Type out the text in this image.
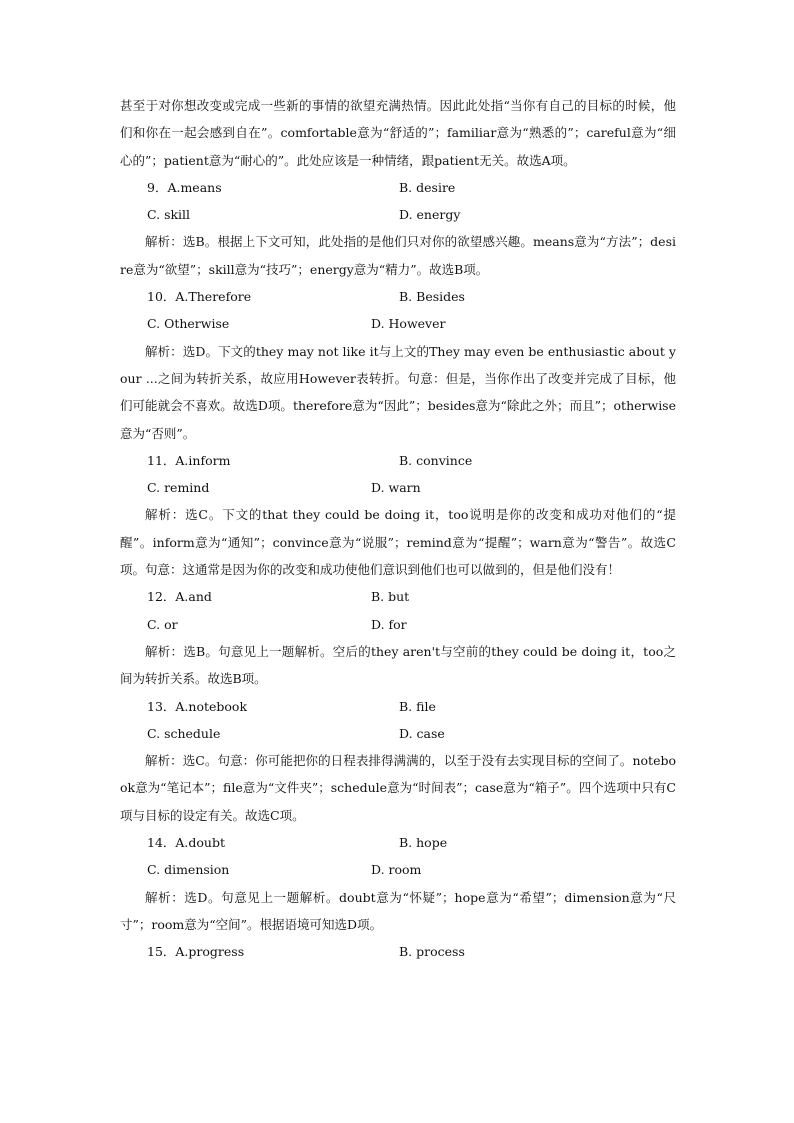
甚至于对你想改变或完成一些新的事情的欲望充满热情。因此此处指“当你有自己的目标的时候，他们和你在一起会感到自在”。comfortable意为“舒适的”；familiar意为“熟悉的”；careful意为“细心的”；patient意为“耐心的”。此处应该是一种情绪，跟patient无关。故选A项。

9．A.means	B. desire
C. skill	D. energy

解析：选B。根据上下文可知，此处指的是他们只对你的欲望感兴趣。means意为“方法”；desire意为“欲望”；skill意为“技巧”；energy意为“精力”。故选B项。

10．A.Therefore	B. Besides
C. Otherwise	D. However

解析：选D。下文的they may not like it与上文的They may even be enthusiastic about your ...之间为转折关系，故应用However表转折。句意：但是，当你作出了改变并完成了目标，他们可能就会不喜欢。故选D项。therefore意为“因此”；besides意为“除此之外；而且”；otherwise意为“否则”。

11．A.inform	B. convince
C. remind	D. warn

解析：选C。下文的that they could be doing it，too说明是你的改变和成功对他们的“提醒”。inform意为“通知”；convince意为“说服”；remind意为“提醒”；warn意为“警告”。故选C项。句意：这通常是因为你的改变和成功使他们意识到他们也可以做到的，但是他们没有！

12．A.and	B. but
C. or	D. for

解析：选B。句意见上一题解析。空后的they aren't与空前的they could be doing it，too之间为转折关系。故选B项。

13．A.notebook	B. file
C. schedule	D. case

解析：选C。句意：你可能把你的日程表排得满满的，以至于没有去实现目标的空间了。notebook意为“笔记本”；file意为“文件夹”；schedule意为“时间表”；case意为“箱子”。四个选项中只有C项与目标的设定有关。故选C项。

14．A.doubt	B. hope
C. dimension	D. room

解析：选D。句意见上一题解析。doubt意为“怀疑”；hope意为“希望”；dimension意为“尺寸”；room意为“空间”。根据语境可知选D项。

15．A.progress	B. process
